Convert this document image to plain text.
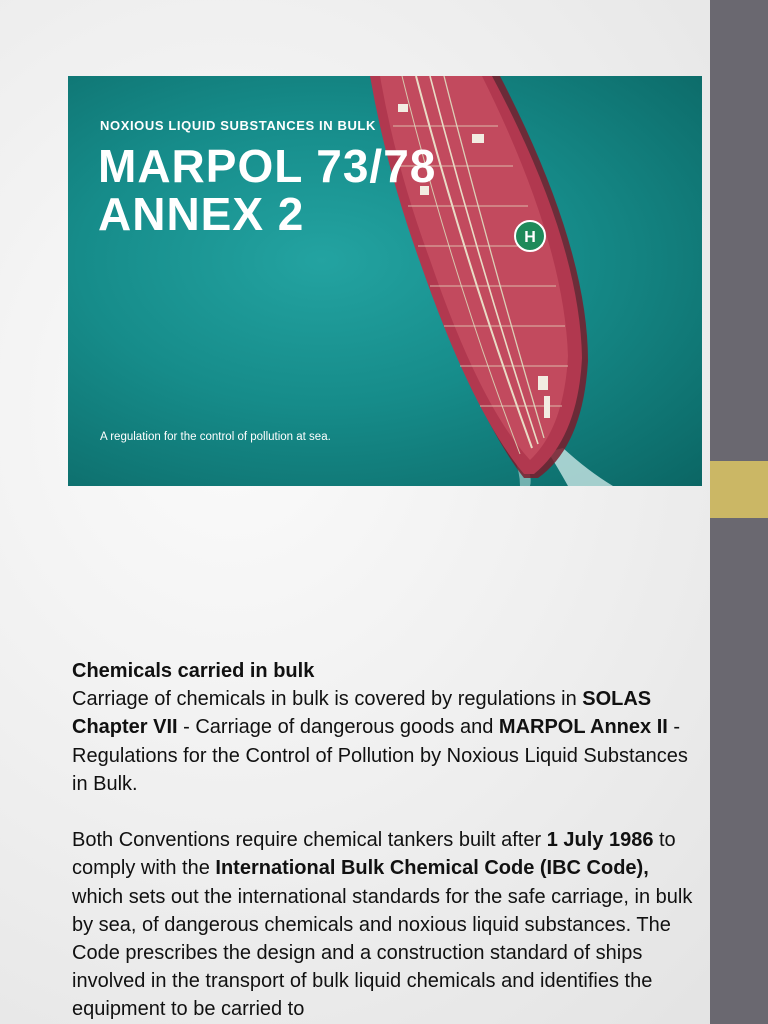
H
NOXIOUS LIQUID SUBSTANCES IN BULK
MARPOL 73/78
ANNEX 2
A regulation for the control of pollution at sea.

Chemicals carried in bulk
Carriage of chemicals in bulk is covered by regulations in SOLAS Chapter VII - Carriage of dangerous goods and MARPOL Annex II - Regulations for the Control of Pollution by Noxious Liquid Substances in Bulk.

Both Conventions require chemical tankers built after 1 July 1986 to comply with the International Bulk Chemical Code (IBC Code), which sets out the international standards for the safe carriage, in bulk by sea, of dangerous chemicals and noxious liquid substances. The Code prescribes the design and a construction standard of ships involved in the transport of bulk liquid chemicals and identifies the equipment to be carried to
